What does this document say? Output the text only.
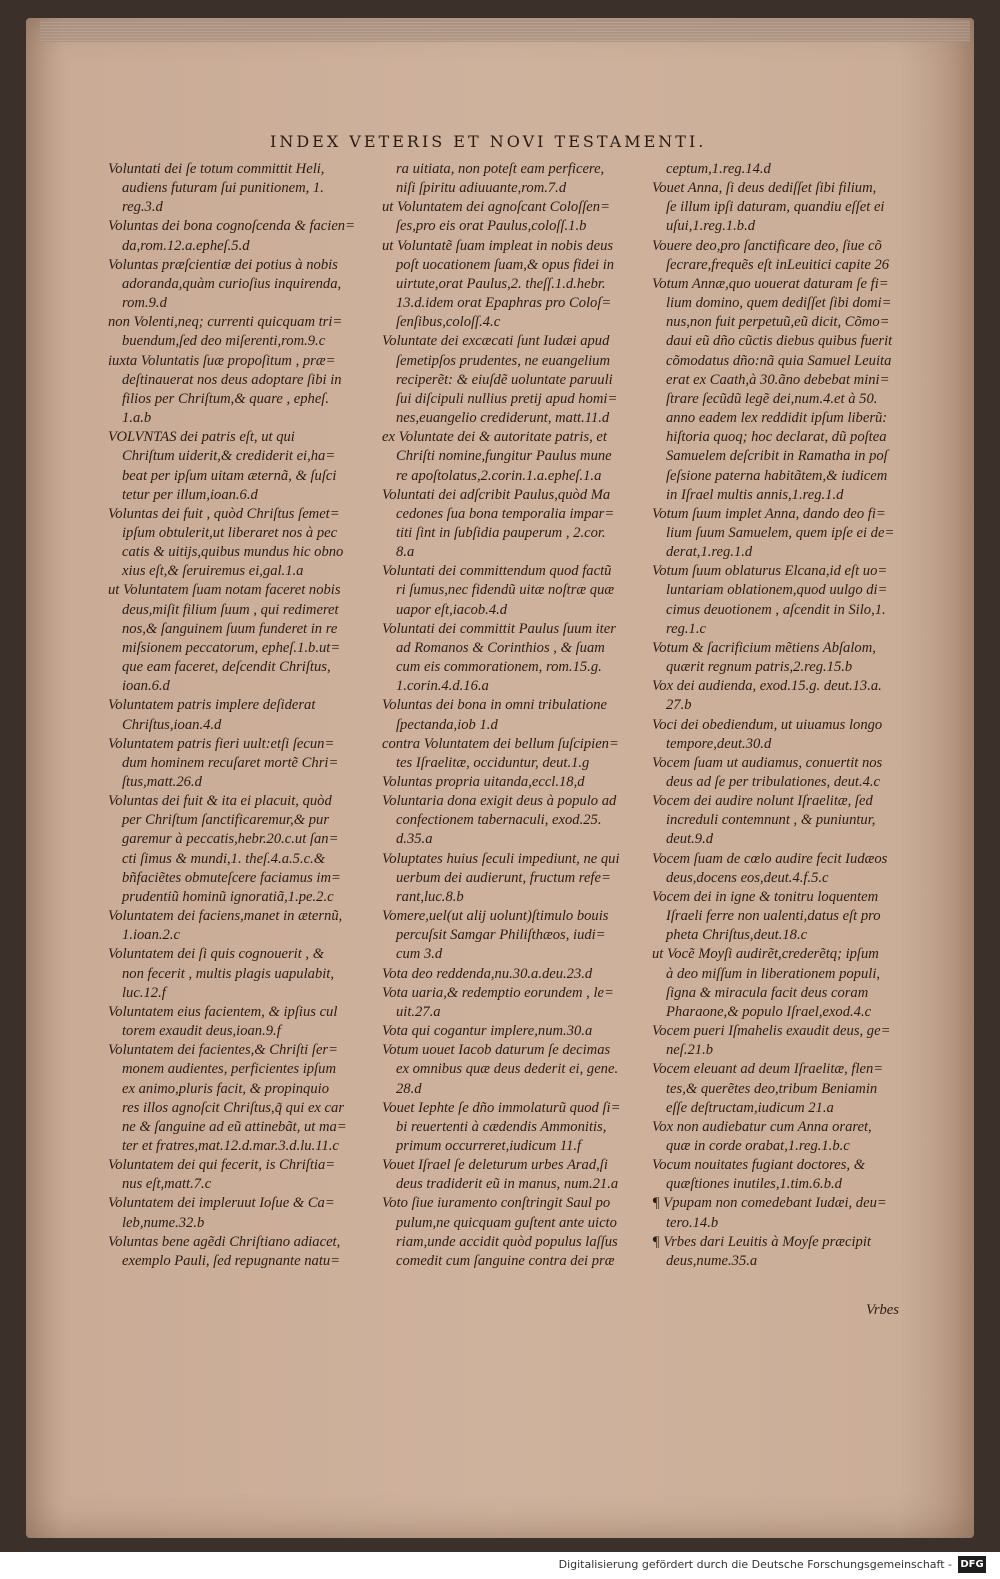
INDEX VETERIS ET NOVI TESTAMENTI.
Voluntati dei ſe totum committit Heli,
audiens futuram ſui punitionem, 1.
reg.3.d
Voluntas dei bona cognoſcenda & facien=
da,rom.12.a.epheſ.5.d
Voluntas præſcientiæ dei potius à nobis
adoranda,quàm curioſius inquirenda,
rom.9.d
non Volenti,neq; currenti quicquam tri=
buendum,ſed deo miſerenti,rom.9.c
iuxta Voluntatis ſuæ propoſitum , præ=
deſtinauerat nos deus adoptare ſibi in
filios per Chriſtum,& quare , epheſ.
1.a.b
VOLVNTAS dei patris eſt, ut qui
Chriſtum uiderit,& crediderit ei,ha=
beat per ipſum uitam æternã, & ſuſci
tetur per illum,ioan.6.d
Voluntas dei fuit , quòd Chriſtus ſemet=
ipſum obtulerit,ut liberaret nos à pec
catis & uitijs,quibus mundus hic obno
xius eſt,& ſeruiremus ei,gal.1.a
ut Voluntatem ſuam notam faceret nobis
deus,miſit filium ſuum , qui redimeret
nos,& ſanguinem ſuum funderet in re
miſsionem peccatorum, epheſ.1.b.ut=
que eam faceret, deſcendit Chriſtus,
ioan.6.d
Voluntatem patris implere deſiderat
Chriſtus,ioan.4.d
Voluntatem patris fieri uult:etſi ſecun=
dum hominem recuſaret mortẽ Chri=
ſtus,matt.26.d
Voluntas dei fuit & ita ei placuit, quòd
per Chriſtum ſanctificaremur,& pur
garemur à peccatis,hebr.20.c.ut ſan=
cti ſimus & mundi,1. theſ.4.a.5.c.&
bñfaciẽtes obmuteſcere faciamus im=
prudentiũ hominũ ignoratiã,1.pe.2.c
Voluntatem dei faciens,manet in æternũ,
1.ioan.2.c
Voluntatem dei ſi quis cognouerit , &
non fecerit , multis plagis uapulabit,
luc.12.f
Voluntatem eius facientem, & ipſius cul
torem exaudit deus,ioan.9.f
Voluntatem dei facientes,& Chriſti ſer=
monem audientes, perficientes ipſum
ex animo,pluris facit, & propinquio
res illos agnoſcit Chriſtus,q̃ qui ex car
ne & ſanguine ad eũ attinebãt, ut ma=
ter et fratres,mat.12.d.mar.3.d.lu.11.c
Voluntatem dei qui fecerit, is Chriſtia=
nus eſt,matt.7.c
Voluntatem dei impleruut Ioſue & Ca=
leb,nume.32.b
Voluntas bene agẽdi Chriſtiano adiacet,
exemplo Pauli, ſed repugnante natu=
ra uitiata, non poteſt eam perficere,
niſi ſpiritu adiuuante,rom.7.d
ut Voluntatem dei agnoſcant Coloſſen=
ſes,pro eis orat Paulus,coloſſ.1.b
ut Voluntatẽ ſuam impleat in nobis deus
poſt uocationem ſuam,& opus fidei in
uirtute,orat Paulus,2. theſſ.1.d.hebr.
13.d.idem orat Epaphras pro Coloſ=
ſenſibus,coloſſ.4.c
Voluntate dei excæcati ſunt Iudæi apud
ſemetipſos prudentes, ne euangelium
reciperẽt: & eiuſdẽ uoluntate paruuli
ſui diſcipuli nullius pretij apud homi=
nes,euangelio crediderunt, matt.11.d
ex Voluntate dei & autoritate patris, et
Chriſti nomine,fungitur Paulus mune
re apoſtolatus,2.corin.1.a.epheſ.1.a
Voluntati dei adſcribit Paulus,quòd Ma
cedones ſua bona temporalia impar=
titi ſint in ſubſidia pauperum , 2.cor.
8.a
Voluntati dei committendum quod factũ
ri ſumus,nec fidendũ uitæ noſtræ quæ
uapor eſt,iacob.4.d
Voluntati dei committit Paulus ſuum iter
ad Romanos & Corinthios , & ſuam
cum eis commorationem, rom.15.g.
1.corin.4.d.16.a
Voluntas dei bona in omni tribulatione
ſpectanda,iob 1.d
contra Voluntatem dei bellum ſuſcipien=
tes Iſraelitæ, occiduntur, deut.1.g
Voluntas propria uitanda,eccl.18,d
Voluntaria dona exigit deus à populo ad
confectionem tabernaculi, exod.25.
d.35.a
Voluptates huius ſeculi impediunt, ne qui
uerbum dei audierunt, fructum refe=
rant,luc.8.b
Vomere,uel(ut alij uolunt)ſtimulo bouis
percuſsit Samgar Philiſthæos, iudi=
cum 3.d
Vota deo reddenda,nu.30.a.deu.23.d
Vota uaria,& redemptio eorundem , le=
uit.27.a
Vota qui cogantur implere,num.30.a
Votum uouet Iacob daturum ſe decimas
ex omnibus quæ deus dederit ei, gene.
28.d
Vouet Iephte ſe dño immolaturũ quod ſi=
bi reuertenti à cædendis Ammonitis,
primum occurreret,iudicum 11.f
Vouet Iſrael ſe deleturum urbes Arad,ſi
deus tradiderit eũ in manus, num.21.a
Voto ſiue iuramento conſtringit Saul po
pulum,ne quicquam guſtent ante uicto
riam,unde accidit quòd populus laſſus
comedit cum ſanguine contra dei præ
ceptum,1.reg.14.d
Vouet Anna, ſi deus dediſſet ſibi filium,
ſe illum ipſi daturam, quandiu eſſet ei
uſui,1.reg.1.b.d
Vouere deo,pro ſanctificare deo, ſiue cõ
ſecrare,frequẽs eſt inLeuitici capite 26
Votum Annæ,quo uouerat daturam ſe fi=
lium domino, quem dediſſet ſibi domi=
nus,non fuit perpetuũ,eũ dicit, Cõmo=
daui eũ dño cũctis diebus quibus fuerit
cõmodatus dño:nã quia Samuel Leuita
erat ex Caath,à 30.ãno debebat mini=
ſtrare ſecũdũ legẽ dei,num.4.et à 50.
anno eadem lex reddidit ipſum liberũ:
hiſtoria quoq; hoc declarat, dũ poſtea
Samuelem deſcribit in Ramatha in poſ
ſeſsione paterna habitãtem,& iudicem
in Iſrael multis annis,1.reg.1.d
Votum ſuum implet Anna, dando deo fi=
lium ſuum Samuelem, quem ipſe ei de=
derat,1.reg.1.d
Votum ſuum oblaturus Elcana,id eſt uo=
luntariam oblationem,quod uulgo di=
cimus deuotionem , aſcendit in Silo,1.
reg.1.c
Votum & ſacrificium mẽtiens Abſalom,
quærit regnum patris,2.reg.15.b
Vox dei audienda, exod.15.g. deut.13.a.
27.b
Voci dei obediendum, ut uiuamus longo
tempore,deut.30.d
Vocem ſuam ut audiamus, conuertit nos
deus ad ſe per tribulationes, deut.4.c
Vocem dei audire nolunt Iſraelitæ, ſed
increduli contemnunt , & puniuntur,
deut.9.d
Vocem ſuam de cœlo audire fecit Iudæos
deus,docens eos,deut.4.f.5.c
Vocem dei in igne & tonitru loquentem
Iſraeli ferre non ualenti,datus eſt pro
pheta Chriſtus,deut.18.c
ut Vocẽ Moyſi audirẽt,crederẽtq; ipſum
à deo miſſum in liberationem populi,
ſigna & miracula facit deus coram
Pharaone,& populo Iſrael,exod.4.c
Vocem pueri Iſmahelis exaudit deus, ge=
neſ.21.b
Vocem eleuant ad deum Iſraelitæ, flen=
tes,& querẽtes deo,tribum Beniamin
eſſe deſtructam,iudicum 21.a
Vox non audiebatur cum Anna oraret,
quæ in corde orabat,1.reg.1.b.c
Vocum nouitates fugiant doctores, &
quæſtiones inutiles,1.tim.6.b.d
¶ Vpupam non comedebant Iudæi, deu=
tero.14.b
¶ Vrbes dari Leuitis à Moyſe præcipit
deus,nume.35.a
Vrbes
Digitalisierung gefördert durch die Deutsche Forschungsgemeinschaft - DFG
